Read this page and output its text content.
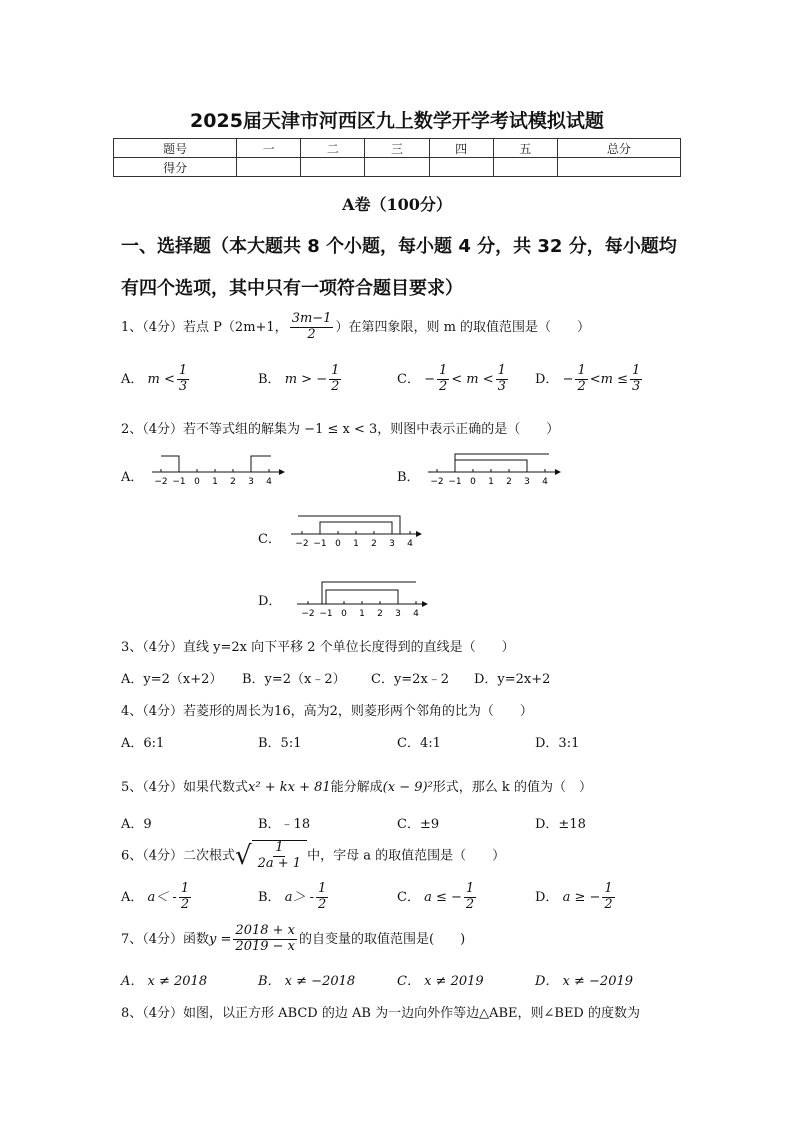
2025届天津市河西区九上数学开学考试模拟试题
题号	一	二	三	四	五	总分
得分						
A卷（100分）
一、选择题（本大题共 8 个小题，每小题 4 分，共 32 分，每小题均
有四个选项，其中只有一项符合题目要求）
1、（4分）若点 P（2m+1， $\frac{3m-1}{2}$ ）在第四象限，则 m 的取值范围是（　　）
A． $m < \frac{1}{3}$	B． m > − $\frac{1}{2}$	C． − $\frac{1}{2} < m < \frac{1}{3}$ D． − $\frac{1}{2} <m \le \frac{1}{3}$
2、（4分）若不等式组的解集为 −1 ≤ x < 3，则图中表示正确的是（　　）
A． −2 −1 0 1 2 3 4	B． −2 −1 0 1 2 3 4
C． −2 −1 0 1 2 3 4
D．
−2 −1 0 1 2 3 4
3、（4分）直线 y=2x 向下平移 2 个单位长度得到的直线是（　　）
A．y=2（x+2） B．y=2（x﹣2） C．y=2x﹣2 D．y=2x+2
4、（4分）若菱形的周长为16，高为2，则菱形两个邻角的比为（　　）
A．6:1	B．5:1	C．4:1	D．3:1
5、（4分）如果代数式x² + kx + 81能分解成(x − 9)²形式，那么 k 的值为（　）
A．9	B．﹣18	C．±9	D．±18
6、（4分）二次根式 √ $\frac{1}{2a + 1}$ 中，字母 a 的取值范围是（　　）
A． $a< - \frac{1}{2}$	B． $a> - \frac{1}{2}$	C． a ≤ − $\frac{1}{2}$	D． a ≥ − $\frac{1}{2}$
7、（4分）函数$y = \frac{2018 + x}{2019 - x}$ 的自变量的取值范围是(　　)
A． x ≠ 2018	B． x ≠ −2018	C． x ≠ 2019	D． x ≠ −2019
8、（4分）如图，以正方形 ABCD 的边 AB 为一边向外作等边△ABE，则∠BED 的度数为
